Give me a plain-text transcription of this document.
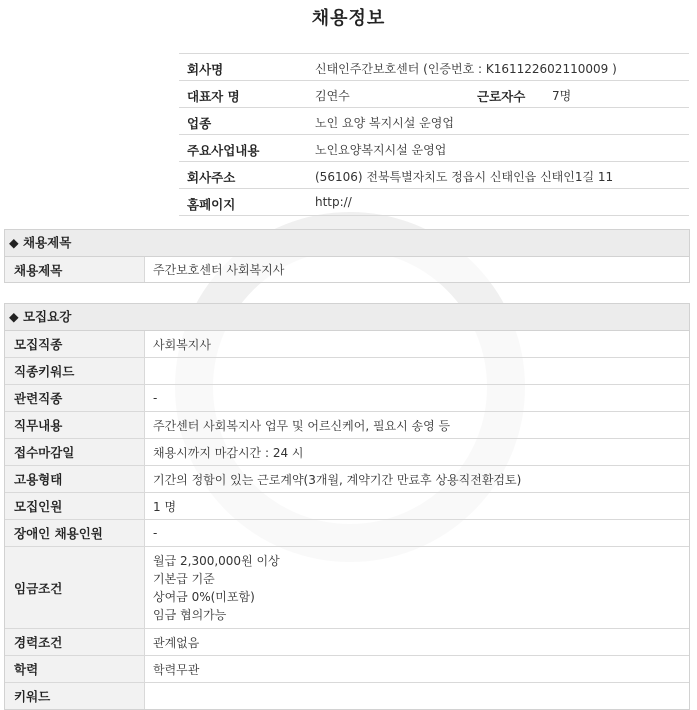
채용정보
회사명	신태인주간보호센터 (인증번호 : K161122602110009 )
대표자 명	김연수	근로자수 7명
업종	노인 요양 복지시설 운영업
주요사업내용	노인요양복지시설 운영업
회사주소	(56106) 전북특별자치도 정읍시 신태인읍 신태인1길 11
홈페이지	http://
◆ 채용제목
채용제목	주간보호센터 사회복지사
◆ 모집요강
모집직종	사회복지사
직종키워드
관련직종	-
직무내용	주간센터 사회복지사 업무 및 어르신케어, 필요시 송영 등
접수마감일	채용시까지 마감시간 : 24 시
고용형태	기간의 정함이 있는 근로계약(3개월, 계약기간 만료후 상용직전환검토)
모집인원	1 명
장애인 채용인원	-
임금조건
월급 2,300,000원 이상
기본급 기준
상여금 0%(미포함)
임금 협의가능
경력조건	관계없음
학력	학력무관
키워드
